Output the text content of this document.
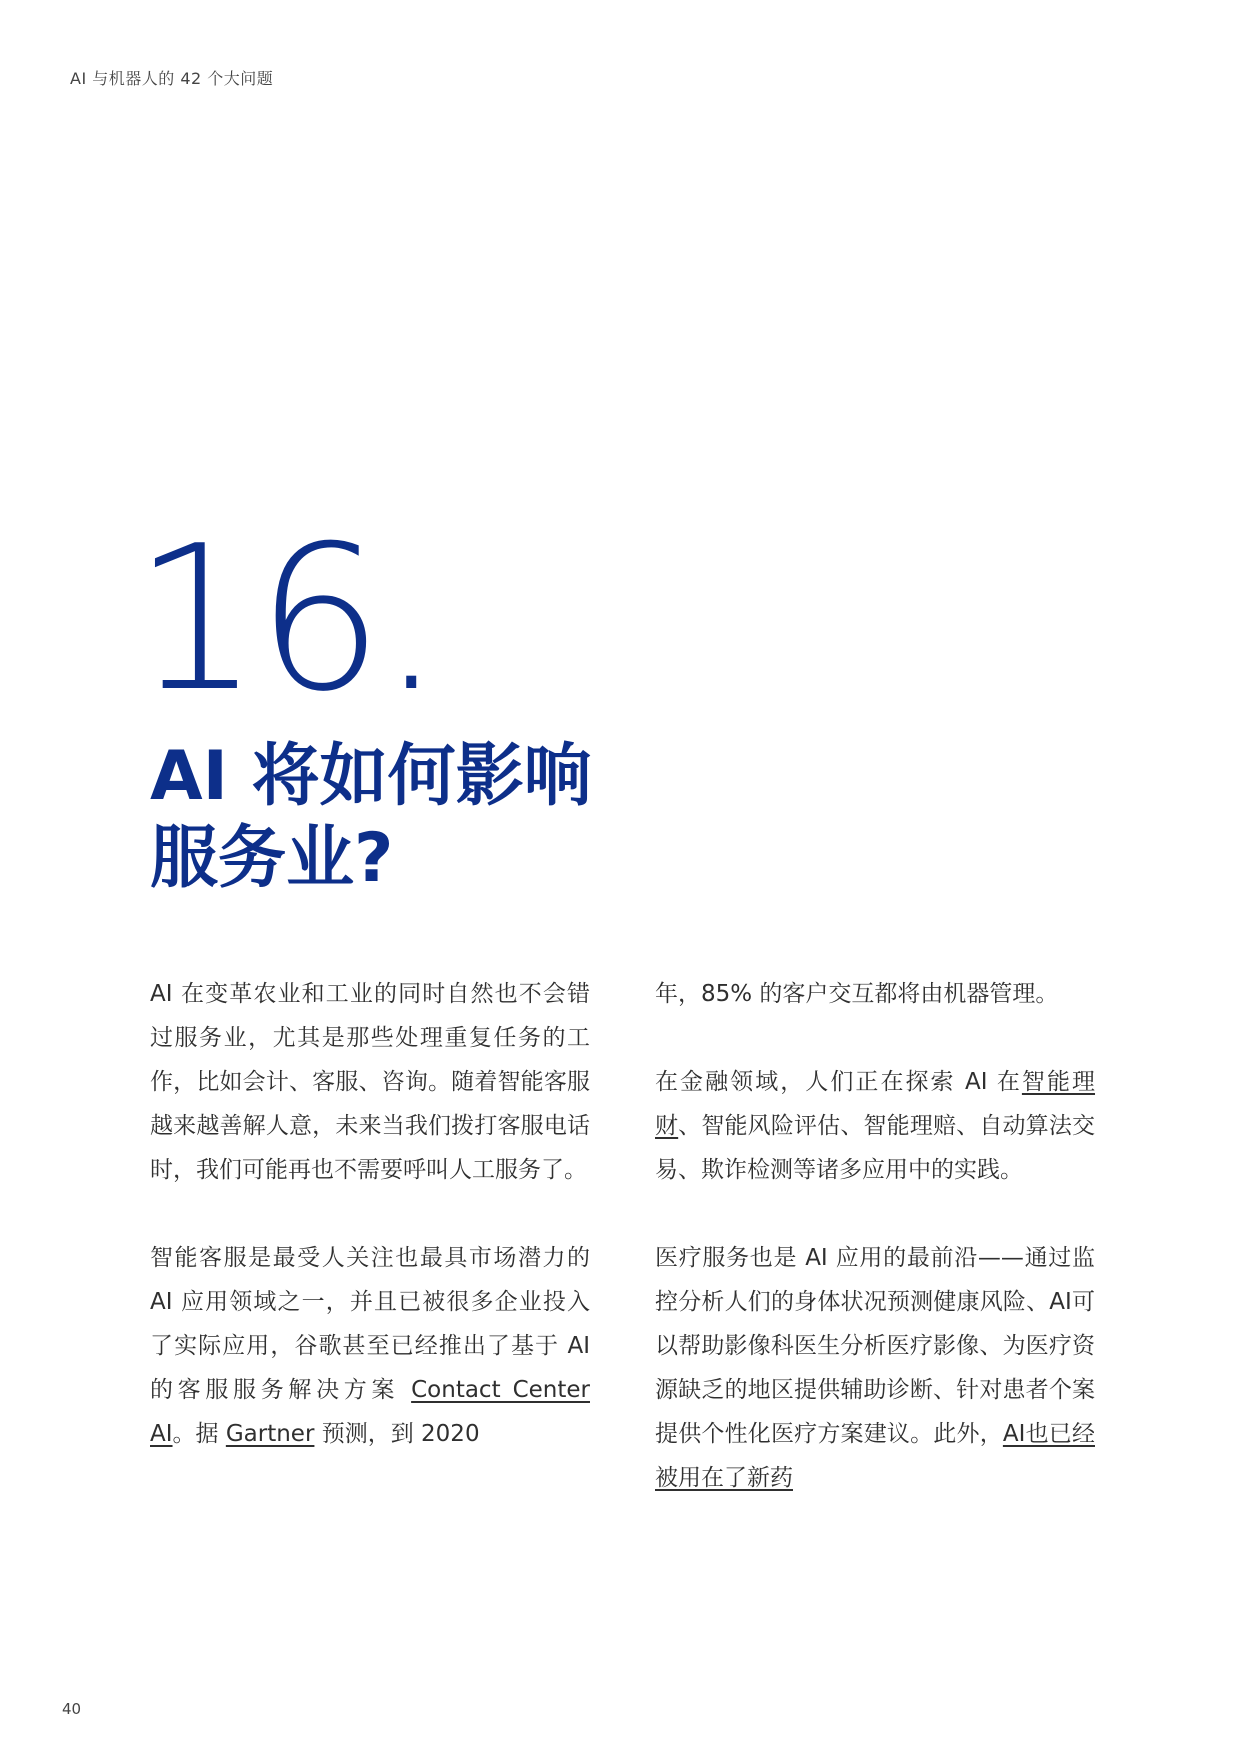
AI 与机器人的 42 个大问题
16.
AI 将如何影响
服务业?

AI 在变革农业和工业的同时自然也不会错过服务业，尤其是那些处理重复任务的工作，比如会计、客服、咨询。随着智能客服越来越善解人意，未来当我们拨打客服电话时，我们可能再也不需要呼叫人工服务了。

智能客服是最受人关注也最具市场潜力的 AI 应用领域之一，并且已被很多企业投入了实际应用，谷歌甚至已经推出了基于 AI 的客服服务解决方案 Contact Center AI。据 Gartner 预测，到 2020

年，85% 的客户交互都将由机器管理。

在金融领域，人们正在探索 AI 在智能理财、智能风险评估、智能理赔、自动算法交易、欺诈检测等诸多应用中的实践。

医疗服务也是 AI 应用的最前沿——通过监控分析人们的身体状况预测健康风险、AI可以帮助影像科医生分析医疗影像、为医疗资源缺乏的地区提供辅助诊断、针对患者个案提供个性化医疗方案建议。此外，AI也已经被用在了新药

40
